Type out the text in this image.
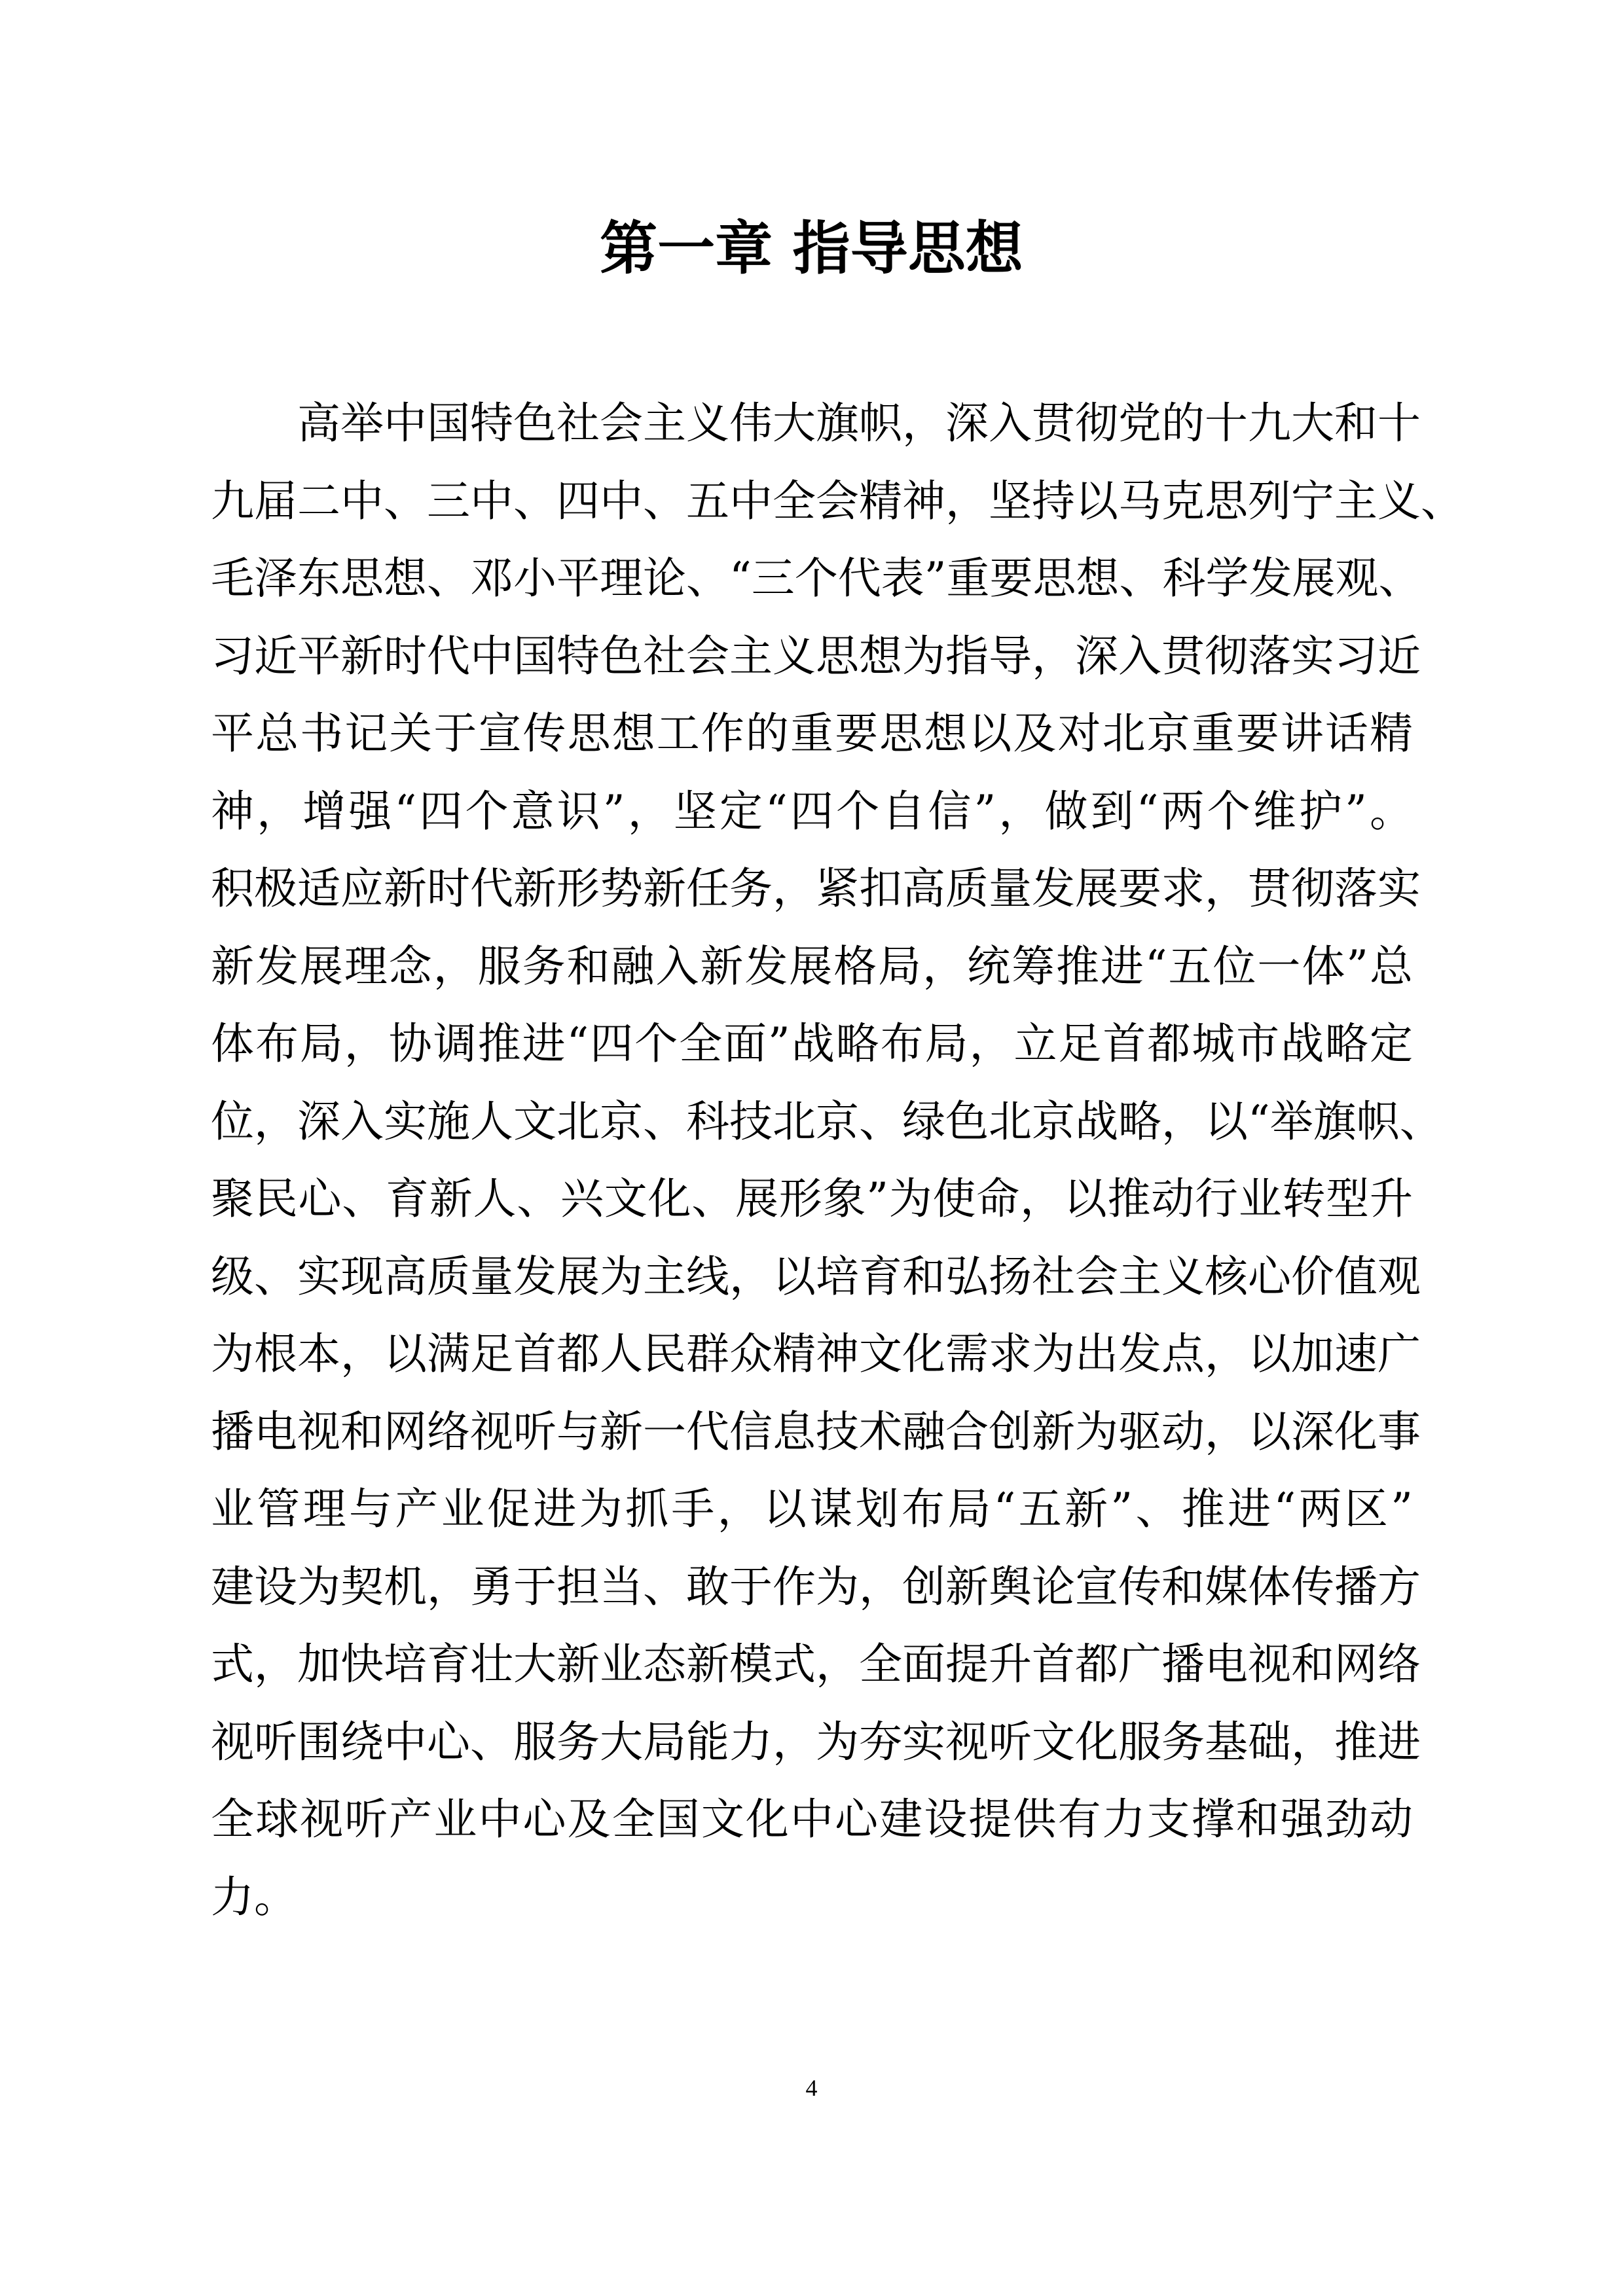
第一章 指导思想
高举中国特色社会主义伟大旗帜，深入贯彻党的十九大和十
九届二中、三中、四中、五中全会精神，坚持以马克思列宁主义、
毛泽东思想、邓小平理论、“三个代表”重要思想、科学发展观、
习近平新时代中国特色社会主义思想为指导，深入贯彻落实习近
平总书记关于宣传思想工作的重要思想以及对北京重要讲话精
神，增强“四个意识”，坚定“四个自信”，做到“两个维护”。
积极适应新时代新形势新任务，紧扣高质量发展要求，贯彻落实
新发展理念，服务和融入新发展格局，统筹推进“五位一体”总
体布局，协调推进“四个全面”战略布局，立足首都城市战略定
位，深入实施人文北京、科技北京、绿色北京战略，以“举旗帜、
聚民心、育新人、兴文化、展形象”为使命，以推动行业转型升
级、实现高质量发展为主线，以培育和弘扬社会主义核心价值观
为根本，以满足首都人民群众精神文化需求为出发点，以加速广
播电视和网络视听与新一代信息技术融合创新为驱动，以深化事
业管理与产业促进为抓手，以谋划布局“五新”、推进“两区”
建设为契机，勇于担当、敢于作为，创新舆论宣传和媒体传播方
式，加快培育壮大新业态新模式，全面提升首都广播电视和网络
视听围绕中心、服务大局能力，为夯实视听文化服务基础，推进
全球视听产业中心及全国文化中心建设提供有力支撑和强劲动
力。
4
